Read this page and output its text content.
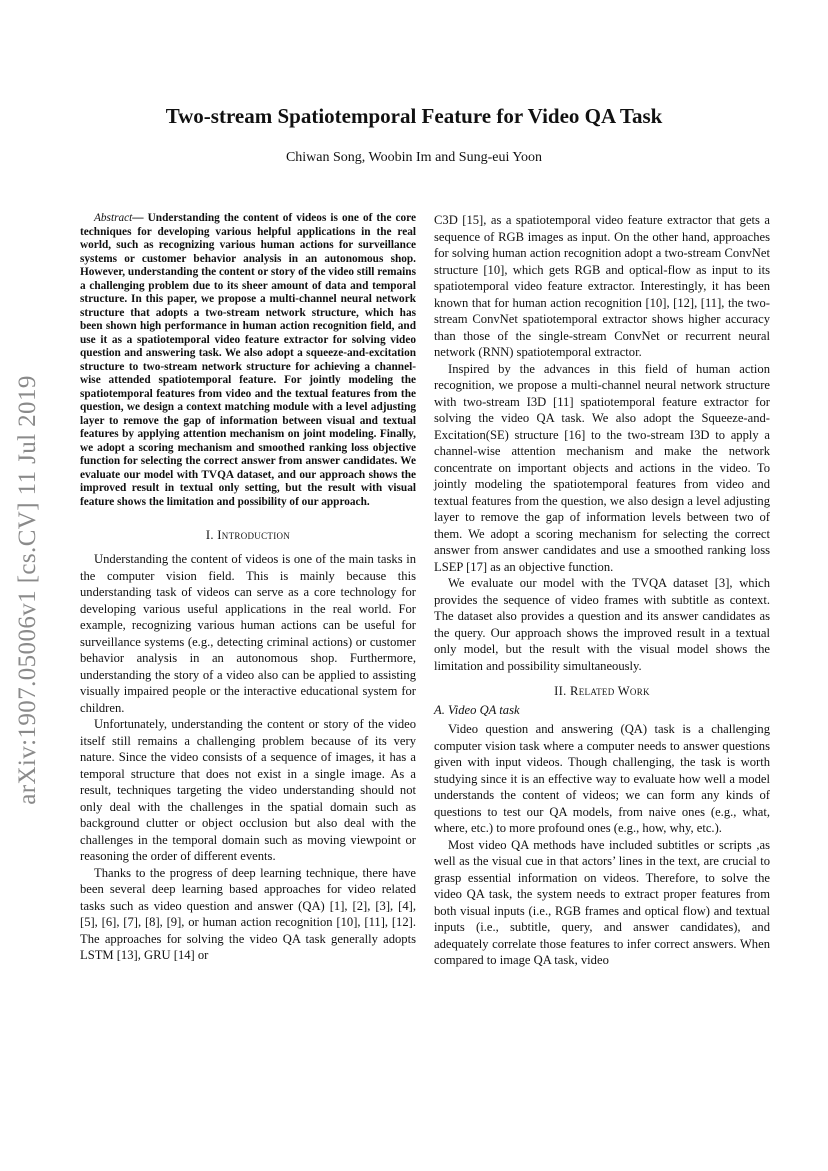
arXiv:1907.05006v1 [cs.CV] 11 Jul 2019
Two-stream Spatiotemporal Feature for Video QA Task
Chiwan Song, Woobin Im and Sung-eui Yoon

Abstract— Understanding the content of videos is one of the core techniques for developing various helpful applications in the real world, such as recognizing various human actions for surveillance systems or customer behavior analysis in an autonomous shop. However, understanding the content or story of the video still remains a challenging problem due to its sheer amount of data and temporal structure. In this paper, we propose a multi-channel neural network structure that adopts a two-stream network structure, which has been shown high performance in human action recognition field, and use it as a spatiotemporal video feature extractor for solving video question and answering task. We also adopt a squeeze-and-excitation structure to two-stream network structure for achieving a channel-wise attended spatiotemporal feature. For jointly modeling the spatiotemporal features from video and the textual features from the question, we design a context matching module with a level adjusting layer to remove the gap of information between visual and textual features by applying attention mechanism on joint modeling. Finally, we adopt a scoring mechanism and smoothed ranking loss objective function for selecting the correct answer from answer candidates. We evaluate our model with TVQA dataset, and our approach shows the improved result in textual only setting, but the result with visual feature shows the limitation and possibility of our approach.

I. Introduction

Understanding the content of videos is one of the main tasks in the computer vision field. This is mainly because this understanding task of videos can serve as a core technology for developing various useful applications in the real world. For example, recognizing various human actions can be useful for surveillance systems (e.g., detecting criminal actions) or customer behavior analysis in an autonomous shop. Furthermore, understanding the story of a video also can be applied to assisting visually impaired people or the interactive educational system for children.

Unfortunately, understanding the content or story of the video itself still remains a challenging problem because of its very nature. Since the video consists of a sequence of images, it has a temporal structure that does not exist in a single image. As a result, techniques targeting the video understanding should not only deal with the challenges in the spatial domain such as background clutter or object occlusion but also deal with the challenges in the temporal domain such as moving viewpoint or reasoning the order of different events.

Thanks to the progress of deep learning technique, there have been several deep learning based approaches for video related tasks such as video question and answer (QA) [1], [2], [3], [4], [5], [6], [7], [8], [9], or human action recognition [10], [11], [12]. The approaches for solving the video QA task generally adopts LSTM [13], GRU [14] or

C3D [15], as a spatiotemporal video feature extractor that gets a sequence of RGB images as input. On the other hand, approaches for solving human action recognition adopt a two-stream ConvNet structure [10], which gets RGB and optical-flow as input to its spatiotemporal video feature extractor. Interestingly, it has been known that for human action recognition [10], [12], [11], the two-stream ConvNet spatiotemporal extractor shows higher accuracy than those of the single-stream ConvNet or recurrent neural network (RNN) spatiotemporal extractor.

Inspired by the advances in this field of human action recognition, we propose a multi-channel neural network structure with two-stream I3D [11] spatiotemporal feature extractor for solving the video QA task. We also adopt the Squeeze-and-Excitation(SE) structure [16] to the two-stream I3D to apply a channel-wise attention mechanism and make the network concentrate on important objects and actions in the video. To jointly modeling the spatiotemporal features from video and textual features from the question, we also design a level adjusting layer to remove the gap of information levels between two of them. We adopt a scoring mechanism for selecting the correct answer from answer candidates and use a smoothed ranking loss LSEP [17] as an objective function.

We evaluate our model with the TVQA dataset [3], which provides the sequence of video frames with subtitle as context. The dataset also provides a question and its answer candidates as the query. Our approach shows the improved result in a textual only model, but the result with the visual model shows the limitation and possibility simultaneously.

II. Related Work
A. Video QA task

Video question and answering (QA) task is a challenging computer vision task where a computer needs to answer questions given with input videos. Though challenging, the task is worth studying since it is an effective way to evaluate how well a model understands the content of videos; we can form any kinds of questions to test our QA models, from naive ones (e.g., what, where, etc.) to more profound ones (e.g., how, why, etc.).

Most video QA methods have included subtitles or scripts ,as well as the visual cue in that actors’ lines in the text, are crucial to grasp essential information on videos. Therefore, to solve the video QA task, the system needs to extract proper features from both visual inputs (i.e., RGB frames and optical flow) and textual inputs (i.e., subtitle, query, and answer candidates), and adequately correlate those features to infer correct answers. When compared to image QA task, video
